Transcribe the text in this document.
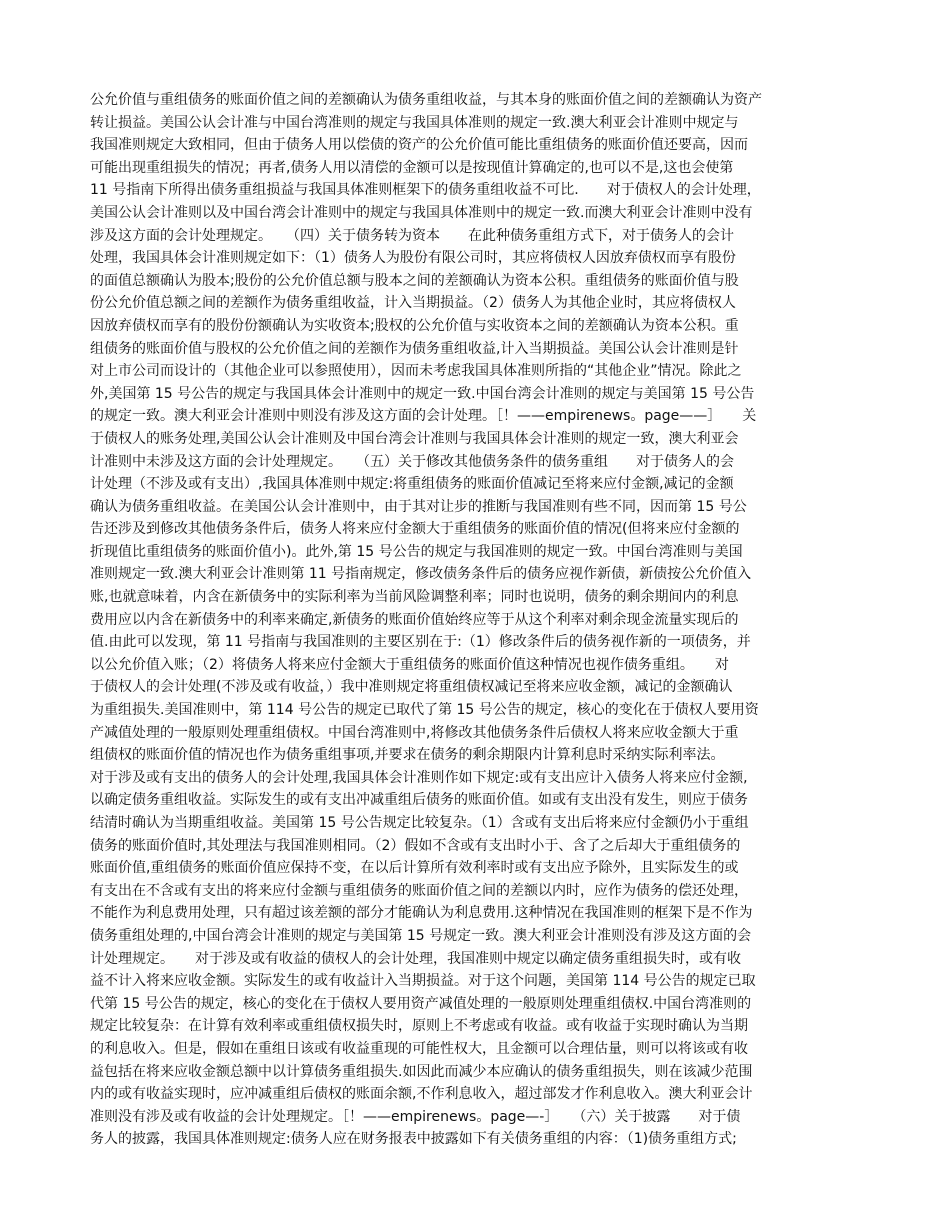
公允价值与重组债务的账面价值之间的差额确认为债务重组收益，与其本身的账面价值之间的差额确认为资产
转让损益。美国公认会计准与中国台湾准则的规定与我国具体准则的规定一致.澳大利亚会计准则中规定与
我国准则规定大致相同，但由于债务人用以偿债的资产的公允价值可能比重组债务的账面价值还要高，因而
可能出现重组损失的情况；再者,债务人用以清偿的金额可以是按现值计算确定的,也可以不是,这也会使第
11 号指南下所得出债务重组损益与我国具体准则框架下的债务重组收益不可比.　　对于债权人的会计处理，
美国公认会计准则以及中国台湾会计准则中的规定与我国具体准则中的规定一致.而澳大利亚会计准则中没有
涉及这方面的会计处理规定。　　（四）关于债务转为资本　　在此种债务重组方式下，对于债务人的会计
处理，我国具体会计准则规定如下：（1）债务人为股份有限公司时，其应将债权人因放弃债权而享有股份
的面值总额确认为股本;股份的公允价值总额与股本之间的差额确认为资本公积。重组债务的账面价值与股
份公允价值总额之间的差额作为债务重组收益，计入当期损益。（2）债务人为其他企业时，其应将债权人
因放弃债权而享有的股份份额确认为实收资本;股权的公允价值与实收资本之间的差额确认为资本公积。重
组债务的账面价值与股权的公允价值之间的差额作为债务重组收益,计入当期损益。美国公认会计准则是针
对上市公司而设计的（其他企业可以参照使用），因而未考虑我国具体准则所指的“其他企业”情况。除此之
外,美国第 15 号公告的规定与我国具体会计准则中的规定一致.中国台湾会计准则的规定与美国第 15 号公告
的规定一致。澳大利亚会计准则中则没有涉及这方面的会计处理。［！——empirenews。page——］　　关
于债权人的账务处理,美国公认会计准则及中国台湾会计准则与我国具体会计准则的规定一致，澳大利亚会
计准则中未涉及这方面的会计处理规定。　　（五）关于修改其他债务条件的债务重组　　对于债务人的会
计处理（不涉及或有支出）,我国具体准则中规定:将重组债务的账面价值减记至将来应付金额,减记的金额
确认为债务重组收益。在美国公认会计准则中，由于其对让步的推断与我国准则有些不同，因而第 15 号公
告还涉及到修改其他债务条件后，债务人将来应付金额大于重组债务的账面价值的情况(但将来应付金额的
折现值比重组债务的账面价值小)。此外,第 15 号公告的规定与我国准则的规定一致。中国台湾准则与美国
准则规定一致.澳大利亚会计准则第 11 号指南规定，修改债务条件后的债务应视作新债，新债按公允价值入
账,也就意味着，内含在新债务中的实际利率为当前风险调整利率；同时也说明，债务的剩余期间内的利息
费用应以内含在新债务中的利率来确定,新债务的账面价值始终应等于从这个利率对剩余现金流量实现后的
值.由此可以发现，第 11 号指南与我国准则的主要区别在于:（1）修改条件后的债务视作新的一项债务，并
以公允价值入账；（2）将债务人将来应付金额大于重组债务的账面价值这种情况也视作债务重组。　　对
于债权人的会计处理(不涉及或有收益，）我中准则规定将重组债权减记至将来应收金额，减记的金额确认
为重组损失.美国准则中，第 114 号公告的规定已取代了第 15 号公告的规定，核心的变化在于债权人要用资
产减值处理的一般原则处理重组债权。中国台湾准则中,将修改其他债务条件后债权人将来应收金额大于重
组债权的账面价值的情况也作为债务重组事项,并要求在债务的剩余期限内计算利息时采纳实际利率法。
对于涉及或有支出的债务人的会计处理,我国具体会计准则作如下规定:或有支出应计入债务人将来应付金额,
以确定债务重组收益。实际发生的或有支出冲减重组后债务的账面价值。如或有支出没有发生，则应于债务
结清时确认为当期重组收益。美国第 15 号公告规定比较复杂。（1）含或有支出后将来应付金额仍小于重组
债务的账面价值时,其处理法与我国准则相同。（2）假如不含或有支出时小于、含了之后却大于重组债务的
账面价值,重组债务的账面价值应保持不变，在以后计算所有效利率时或有支出应予除外，且实际发生的或
有支出在不含或有支出的将来应付金额与重组债务的账面价值之间的差额以内时，应作为债务的偿还处理，
不能作为利息费用处理，只有超过该差额的部分才能确认为利息费用.这种情况在我国准则的框架下是不作为
债务重组处理的,中国台湾会计准则的规定与美国第 15 号规定一致。澳大利亚会计准则没有涉及这方面的会
计处理规定。　　对于涉及或有收益的债权人的会计处理，我国准则中规定以确定债务重组损失时，或有收
益不计入将来应收金额。实际发生的或有收益计入当期损益。对于这个问题，美国第 114 号公告的规定已取
代第 15 号公告的规定，核心的变化在于债权人要用资产减值处理的一般原则处理重组债权.中国台湾准则的
规定比较复杂：在计算有效利率或重组债权损失时，原则上不考虑或有收益。或有收益于实现时确认为当期
的利息收入。但是，假如在重组日该或有收益重现的可能性权大，且金额可以合理估量，则可以将该或有收
益包括在将来应收金额总额中以计算债务重组损失.如因此而减少本应确认的债务重组损失，则在该减少范围
内的或有收益实现时，应冲减重组后债权的账面余额,不作利息收入，超过部发才作利息收入。澳大利亚会计
准则没有涉及或有收益的会计处理规定。［！——empirenews。page—-］　　（六）关于披露　　对于债
务人的披露，我国具体准则规定:债务人应在财务报表中披露如下有关债务重组的内容：（1)债务重组方式;
